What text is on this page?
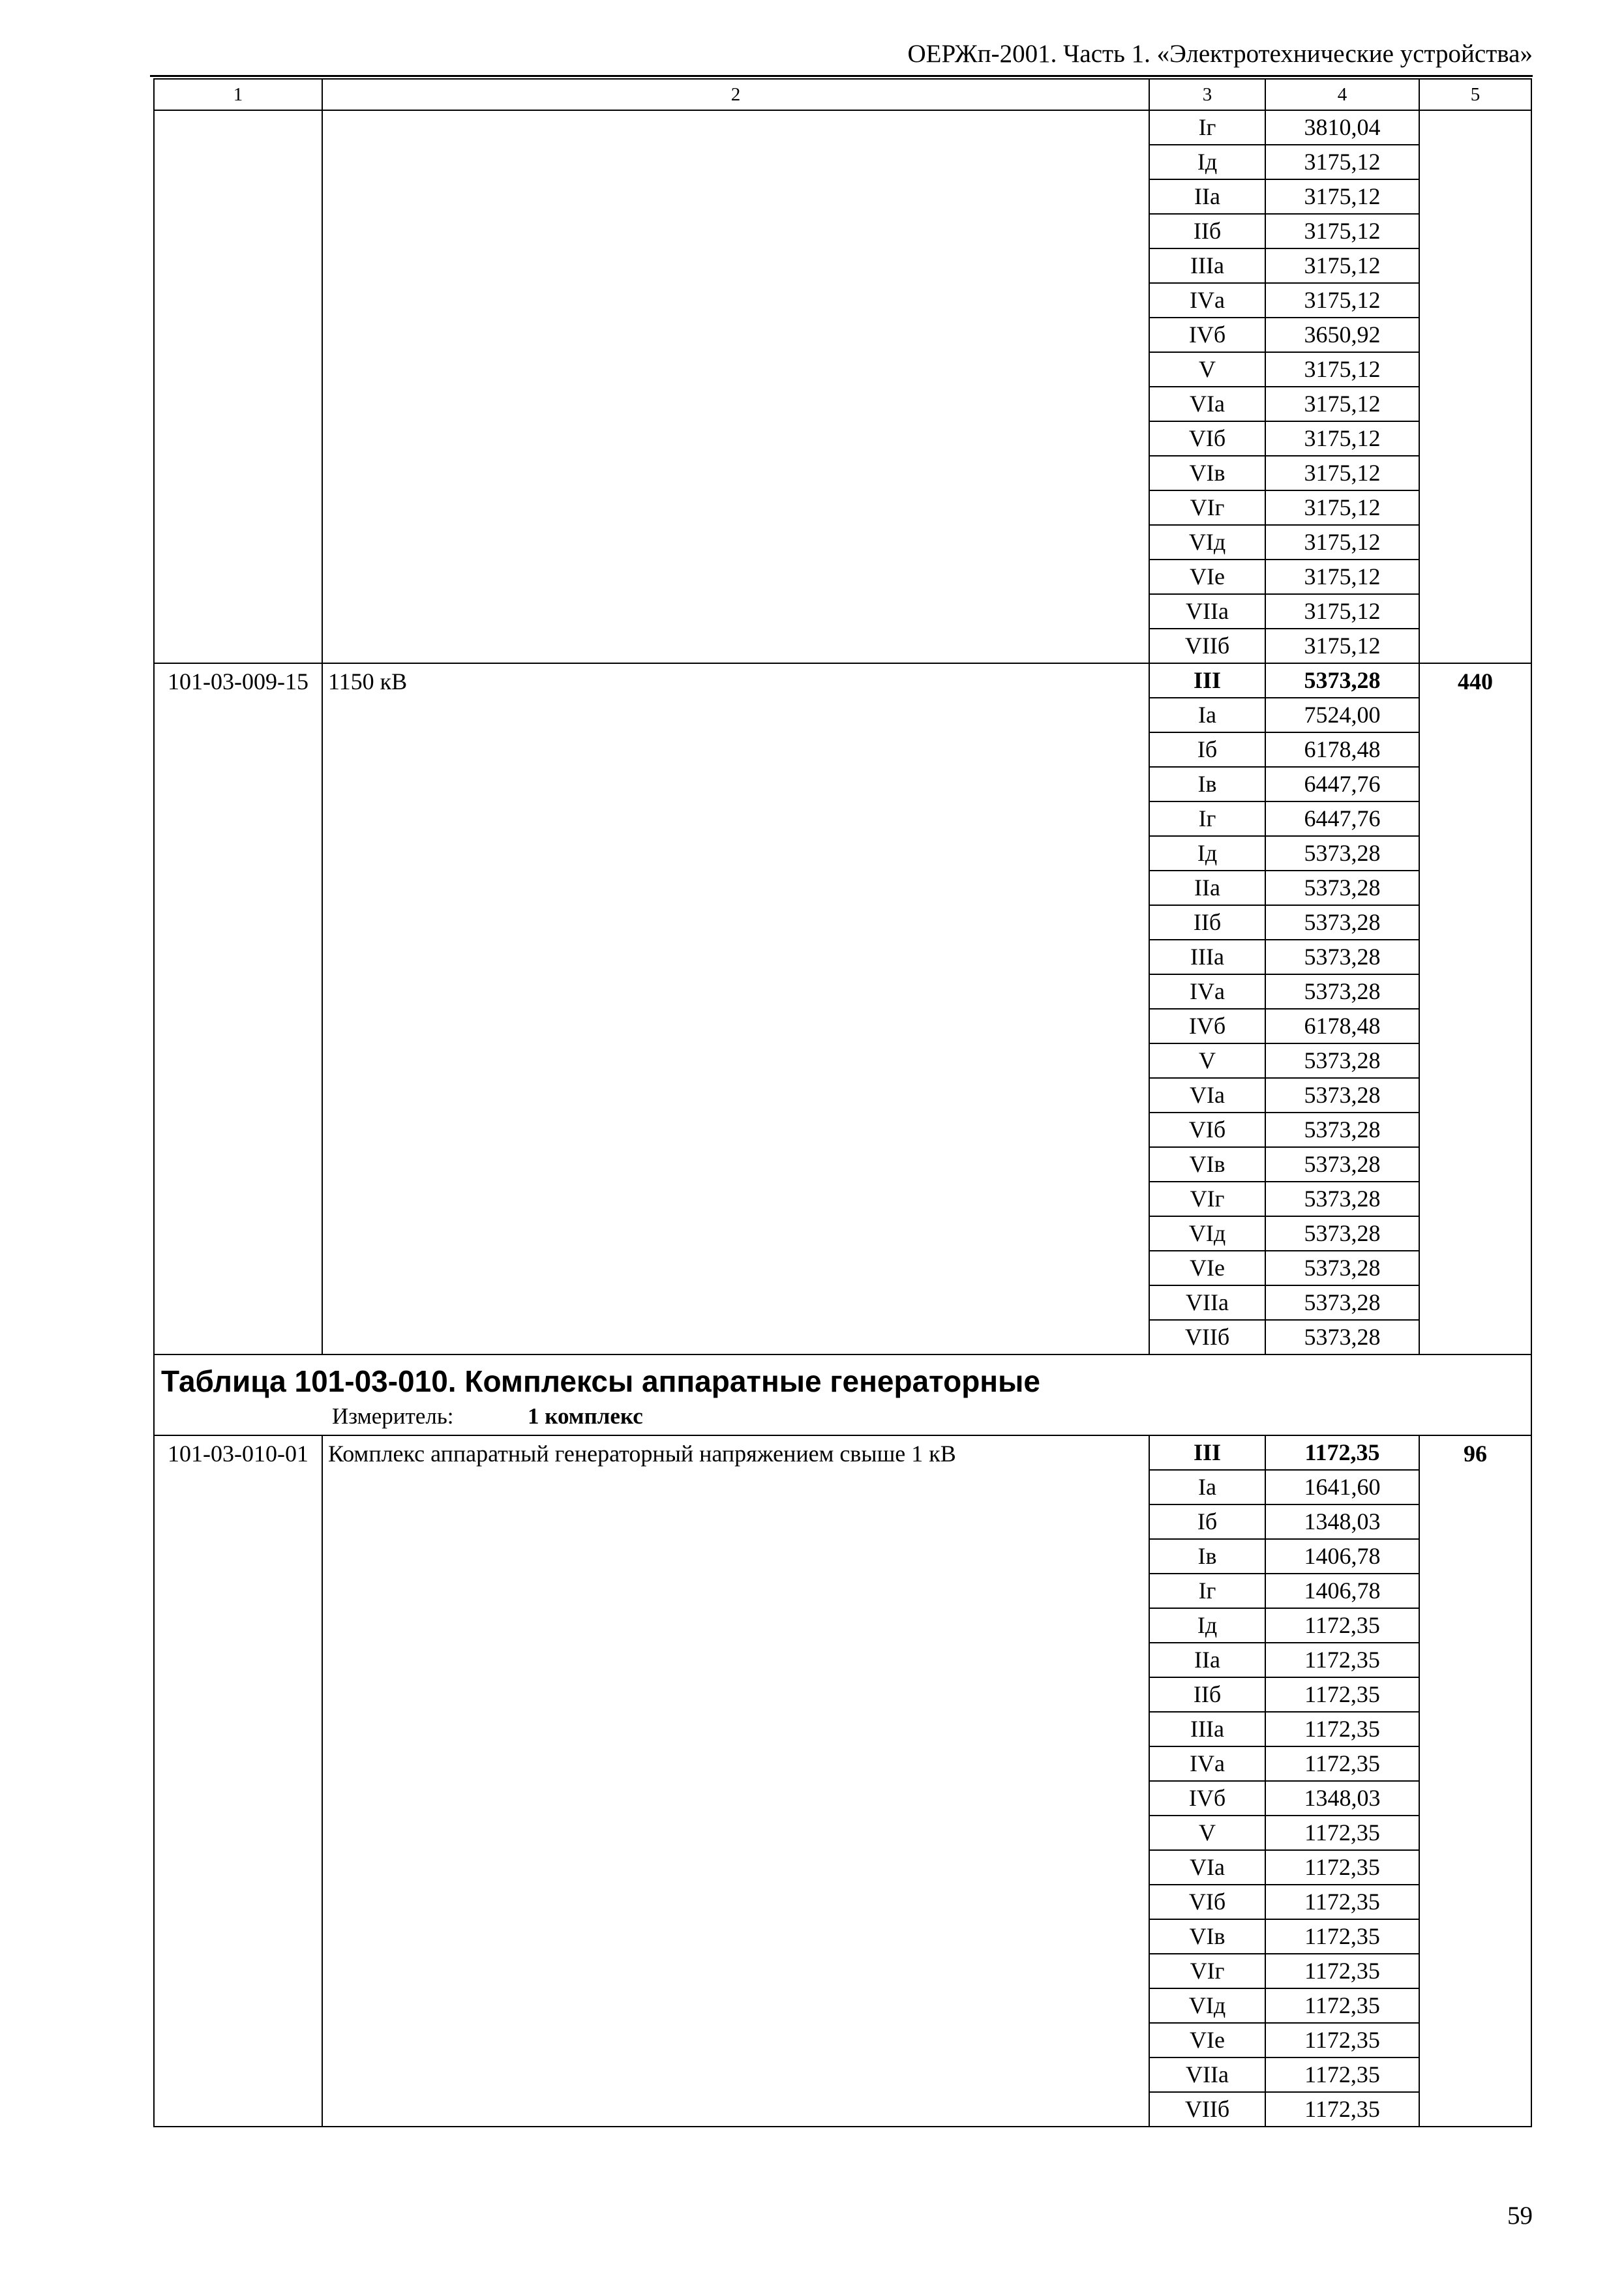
ОЕРЖп-2001. Часть 1. «Электротехнические устройства»
1	2	3	4	5
		Iг	3810,04	
		Iд	3175,12	
		IIа	3175,12	
		IIб	3175,12	
		IIIа	3175,12	
		IVа	3175,12	
		IVб	3650,92	
		V	3175,12	
		VIа	3175,12	
		VIб	3175,12	
		VIв	3175,12	
		VIг	3175,12	
		VIд	3175,12	
		VIе	3175,12	
		VIIа	3175,12	
		VIIб	3175,12	
101-03-009-15	1150 кВ	III	5373,28	440
		Iа	7524,00	
		Iб	6178,48	
		Iв	6447,76	
		Iг	6447,76	
		Iд	5373,28	
		IIа	5373,28	
		IIб	5373,28	
		IIIа	5373,28	
		IVа	5373,28	
		IVб	6178,48	
		V	5373,28	
		VIа	5373,28	
		VIб	5373,28	
		VIв	5373,28	
		VIг	5373,28	
		VIд	5373,28	
		VIе	5373,28	
		VIIа	5373,28	
		VIIб	5373,28	

Таблица 101-03-010. Комплексы аппаратные генераторные
Измеритель: 1 комплекс				

101-03-010-01	Комплекс аппаратный генераторный напряжением свыше 1 кВ	III	1172,35	96
		Iа	1641,60	
		Iб	1348,03	
		Iв	1406,78	
		Iг	1406,78	
		Iд	1172,35	
		IIа	1172,35	
		IIб	1172,35	
		IIIа	1172,35	
		IVа	1172,35	
		IVб	1348,03	
		V	1172,35	
		VIа	1172,35	
		VIб	1172,35	
		VIв	1172,35	
		VIг	1172,35	
		VIд	1172,35	
		VIе	1172,35	
		VIIа	1172,35	
		VIIб	1172,35	
59
